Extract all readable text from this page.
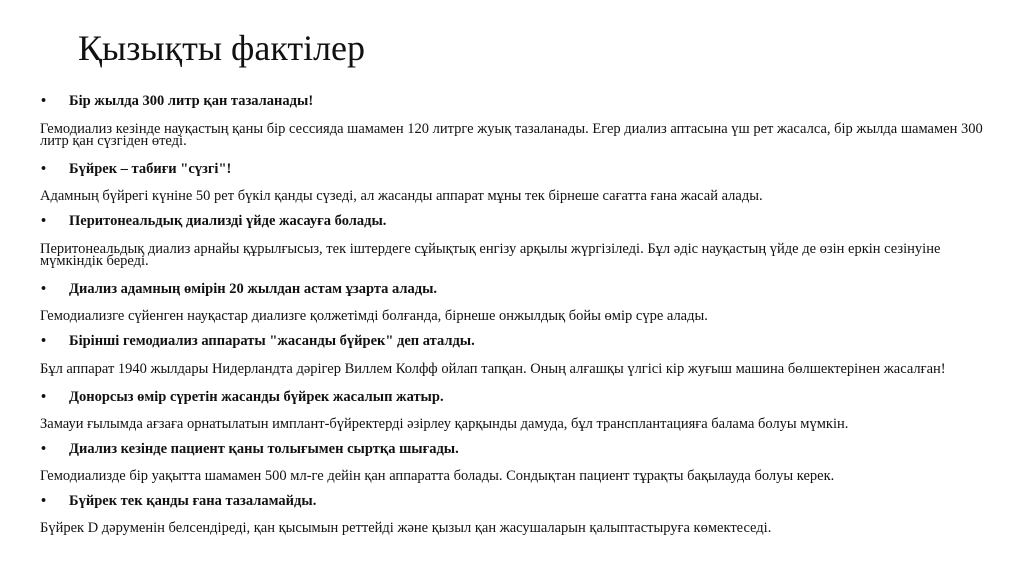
Қызықты фактілер
• Бір жылда 300 литр қан тазаланады!

Гемодиализ кезінде науқастың қаны бір сессияда шамамен 120 литрге жуық тазаланады. Егер диализ аптасына үш рет жасалса, бір жылда шамамен 300 литр қан сүзгіден өтеді.

• Бүйрек – табиғи "сүзгі"!

Адамның бүйрегі күніне 50 рет бүкіл қанды сүзеді, ал жасанды аппарат мұны тек бірнеше сағатта ғана жасай алады.

• Перитонеальдық диализді үйде жасауға болады.

Перитонеальдық диализ арнайы құрылғысыз, тек іштердеге сұйықтық енгізу арқылы жүргізіледі. Бұл әдіс науқастың үйде де өзін еркін сезінуіне мүмкіндік береді.

• Диализ адамның өмірін 20 жылдан астам ұзарта алады.

Гемодиализге сүйенген науқастар диализге қолжетімді болғанда, бірнеше онжылдық бойы өмір сүре алады.

• Бірінші гемодиализ аппараты "жасанды бүйрек" деп аталды.

Бұл аппарат 1940 жылдары Нидерландта дәрігер Виллем Колфф ойлап тапқан. Оның алғашқы үлгісі кір жуғыш машина бөлшектерінен жасалған!

• Донорсыз өмір сүретін жасанды бүйрек жасалып жатыр.

Замауи ғылымда ағзаға орнатылатын имплант-бүйректерді әзірлеу қарқынды дамуда, бұл трансплантацияға балама болуы мүмкін.

• Диализ кезінде пациент қаны толығымен сыртқа шығады.

Гемодиализде бір уақытта шамамен 500 мл-ге дейін қан аппаратта болады. Сондықтан пациент тұрақты бақылауда болуы керек.

• Бүйрек тек қанды ғана тазаламайды.

Бүйрек D дәруменін белсендіреді, қан қысымын реттейді және қызыл қан жасушаларын қалыптастыруға көмектеседі.
